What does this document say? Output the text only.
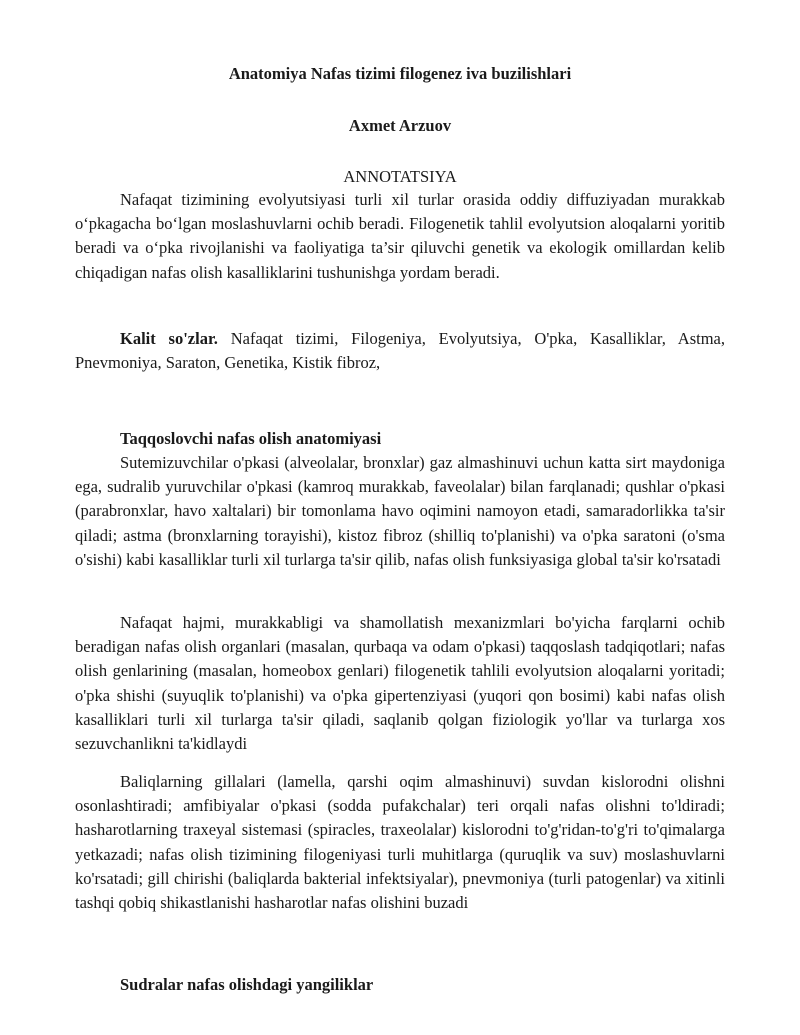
Anatomiya Nafas tizimi filogenez iva buzilishlari
Axmet Arzuov
ANNOTATSIYA

Nafaqat tizimining evolyutsiyasi turli xil turlar orasida oddiy diffuziyadan murakkab o‘pkagacha bo‘lgan moslashuvlarni ochib beradi. Filogenetik tahlil evolyutsion aloqalarni yoritib beradi va o‘pka rivojlanishi va faoliyatiga ta’sir qiluvchi genetik va ekologik omillardan kelib chiqadigan nafas olish kasalliklarini tushunishga yordam beradi.

Kalit so'zlar. Nafaqat tizimi, Filogeniya, Evolyutsiya, O'pka, Kasalliklar, Astma, Pnevmoniya, Saraton, Genetika, Kistik fibroz,

Taqqoslovchi nafas olish anatomiyasi

Sutemizuvchilar o'pkasi (alveolalar, bronxlar) gaz almashinuvi uchun katta sirt maydoniga ega, sudralib yuruvchilar o'pkasi (kamroq murakkab, faveolalar) bilan farqlanadi; qushlar o'pkasi (parabronxlar, havo xaltalari) bir tomonlama havo oqimini namoyon etadi, samaradorlikka ta'sir qiladi; astma (bronxlarning torayishi), kistoz fibroz (shilliq to'planishi) va o'pka saratoni (o'sma o'sishi) kabi kasalliklar turli xil turlarga ta'sir qilib, nafas olish funksiyasiga global ta'sir ko'rsatadi

Nafaqat hajmi, murakkabligi va shamollatish mexanizmlari bo'yicha farqlarni ochib beradigan nafas olish organlari (masalan, qurbaqa va odam o'pkasi) taqqoslash tadqiqotlari; nafas olish genlarining (masalan, homeobox genlari) filogenetik tahlili evolyutsion aloqalarni yoritadi; o'pka shishi (suyuqlik to'planishi) va o'pka gipertenziyasi (yuqori qon bosimi) kabi nafas olish kasalliklari turli xil turlarga ta'sir qiladi, saqlanib qolgan fiziologik yo'llar va turlarga xos sezuvchanlikni ta'kidlaydi

Baliqlarning gillalari (lamella, qarshi oqim almashinuvi) suvdan kislorodni olishni osonlashtiradi; amfibiyalar o'pkasi (sodda pufakchalar) teri orqali nafas olishni to'ldiradi; hasharotlarning traxeyal sistemasi (spiracles, traxeolalar) kislorodni to'g'ridan-to'g'ri to'qimalarga yetkazadi; nafas olish tizimining filogeniyasi turli muhitlarga (quruqlik va suv) moslashuvlarni ko'rsatadi; gill chirishi (baliqlarda bakterial infektsiyalar), pnevmoniya (turli patogenlar) va xitinli tashqi qobiq shikastlanishi hasharotlar nafas olishini buzadi

Sudralar nafas olishdagi yangiliklar
